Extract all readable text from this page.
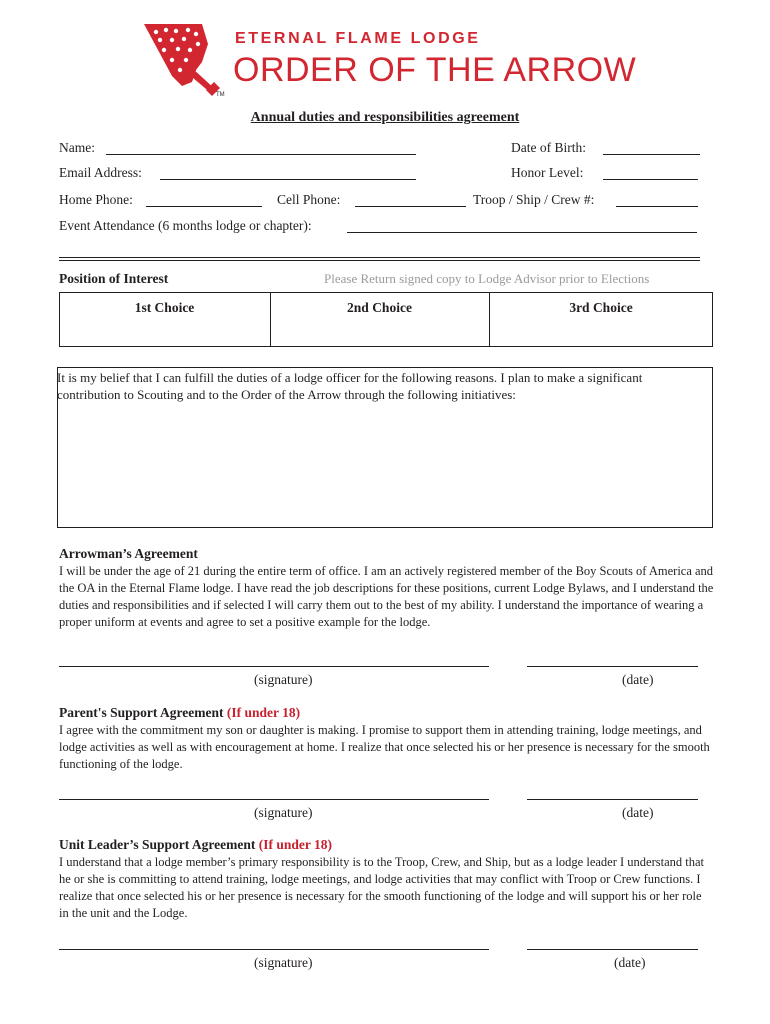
TM
ETERNAL FLAME LODGE
ORDER OF THE ARROW
Annual duties and responsibilities agreement
Name:	Date of Birth:
Email Address:	Honor Level:
Home Phone:	Cell Phone:	Troop / Ship / Crew #:
Event Attendance (6 months lodge or chapter):
Position of Interest	Please Return signed copy to Lodge Advisor prior to Elections
1st Choice	2nd Choice	3rd Choice
It is my belief that I can fulfill the duties of a lodge officer for the following reasons. I plan to make a significant contribution to Scouting and to the Order of the Arrow through the following initiatives:
Arrowman’s Agreement
I will be under the age of 21 during the entire term of office. I am an actively registered member of the Boy Scouts of America and the OA in the Eternal Flame lodge. I have read the job descriptions for these positions, current Lodge Bylaws, and I understand the duties and responsibilities and if selected I will carry them out to the best of my ability. I understand the importance of wearing a proper uniform at events and agree to set a positive example for the lodge.
(signature)	(date)
Parent's Support Agreement (If under 18)
I agree with the commitment my son or daughter is making. I promise to support them in attending training, lodge meetings, and lodge activities as well as with encouragement at home. I realize that once selected his or her presence is necessary for the smooth functioning of the lodge.
(signature)	(date)
Unit Leader’s Support Agreement (If under 18)
I understand that a lodge member’s primary responsibility is to the Troop, Crew, and Ship, but as a lodge leader I understand that he or she is committing to attend training, lodge meetings, and lodge activities that may conflict with Troop or Crew functions. I realize that once selected his or her presence is necessary for the smooth functioning of the lodge and will support his or her role in the unit and the Lodge.
(signature)	(date)
